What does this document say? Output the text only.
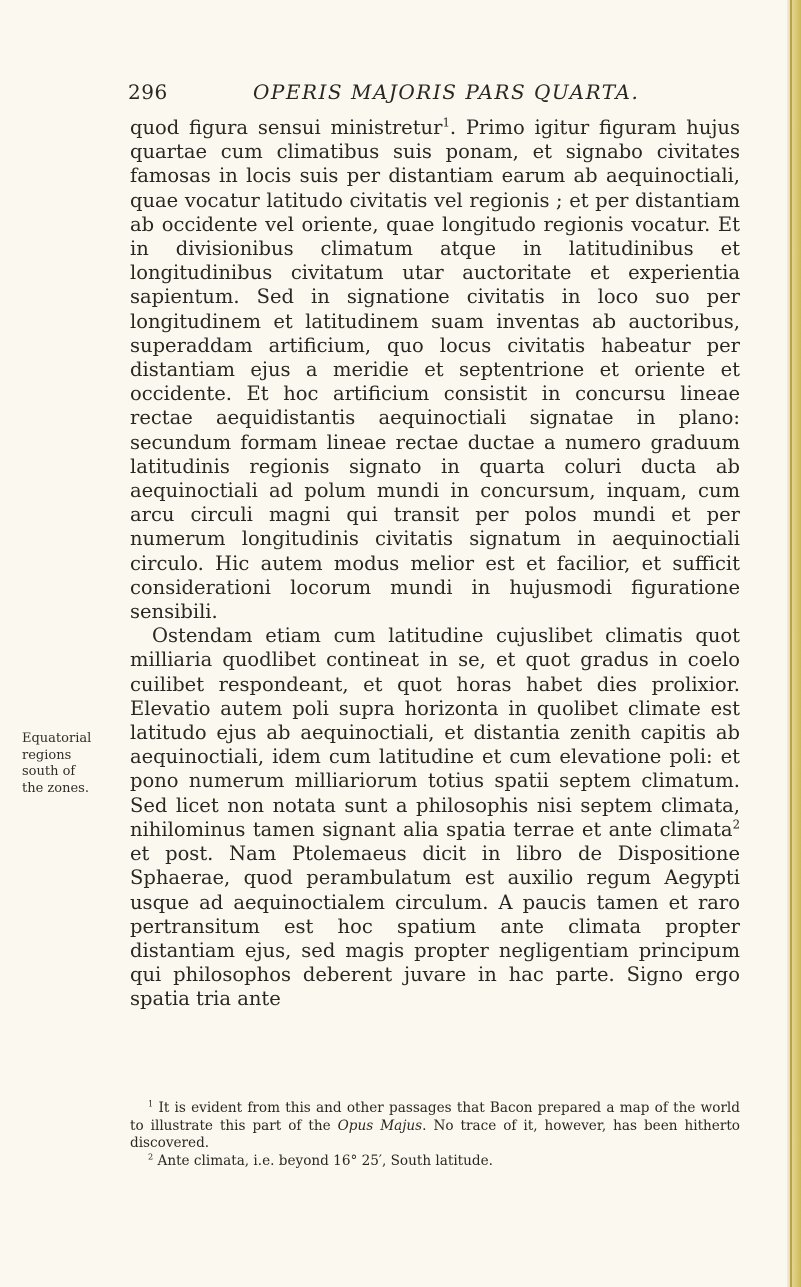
296	OPERIS MAJORIS PARS QUARTA.
Equatorial
regions
south of
the zones.

quod figura sensui ministretur$^1$. Primo igitur figuram hujus quartae cum climatibus suis ponam, et signabo civitates famosas in locis suis per distantiam earum ab aequinoctiali, quae vocatur latitudo civitatis vel regionis ; et per distantiam ab occidente vel oriente, quae longitudo regionis vocatur. Et in divisionibus climatum atque in latitudinibus et longitudinibus civitatum utar auctoritate et experientia sapientum. Sed in signatione civitatis in loco suo per longitudinem et latitudinem suam inventas ab auctoribus, superaddam artificium, quo locus civitatis habeatur per distantiam ejus a meridie et septentrione et oriente et occidente. Et hoc artificium consistit in concursu lineae rectae aequidistantis aequinoctiali signatae in plano: secundum formam lineae rectae ductae a numero graduum latitudinis regionis signato in quarta coluri ducta ab aequinoctiali ad polum mundi in concursum, inquam, cum arcu circuli magni qui transit per polos mundi et per numerum longitudinis civitatis signatum in aequinoctiali circulo. Hic autem modus melior est et facilior, et sufficit considerationi locorum mundi in hujusmodi figuratione sensibili.

Ostendam etiam cum latitudine cujuslibet climatis quot milliaria quodlibet contineat in se, et quot gradus in coelo cuilibet respondeant, et quot horas habet dies prolixior. Elevatio autem poli supra horizonta in quolibet climate est latitudo ejus ab aequinoctiali, et distantia zenith capitis ab aequinoctiali, idem cum latitudine et cum elevatione poli: et pono numerum milliariorum totius spatii septem climatum. Sed licet non notata sunt a philosophis nisi septem climata, nihilominus tamen signant alia spatia terrae et ante climata$^2$ et post. Nam Ptolemaeus dicit in libro de Dispositione Sphaerae, quod perambulatum est auxilio regum Aegypti usque ad aequinoctialem circulum. A paucis tamen et raro pertransitum est hoc spatium ante climata propter distantiam ejus, sed magis propter negligentiam principum qui philosophos deberent juvare in hac parte. Signo ergo spatia tria ante

$^1$ It is evident from this and other passages that Bacon prepared a map of the world to illustrate this part of the Opus Majus. No trace of it, however, has been hitherto discovered.

$^2$ Ante climata, i.e. beyond 16° 25′, South latitude.
